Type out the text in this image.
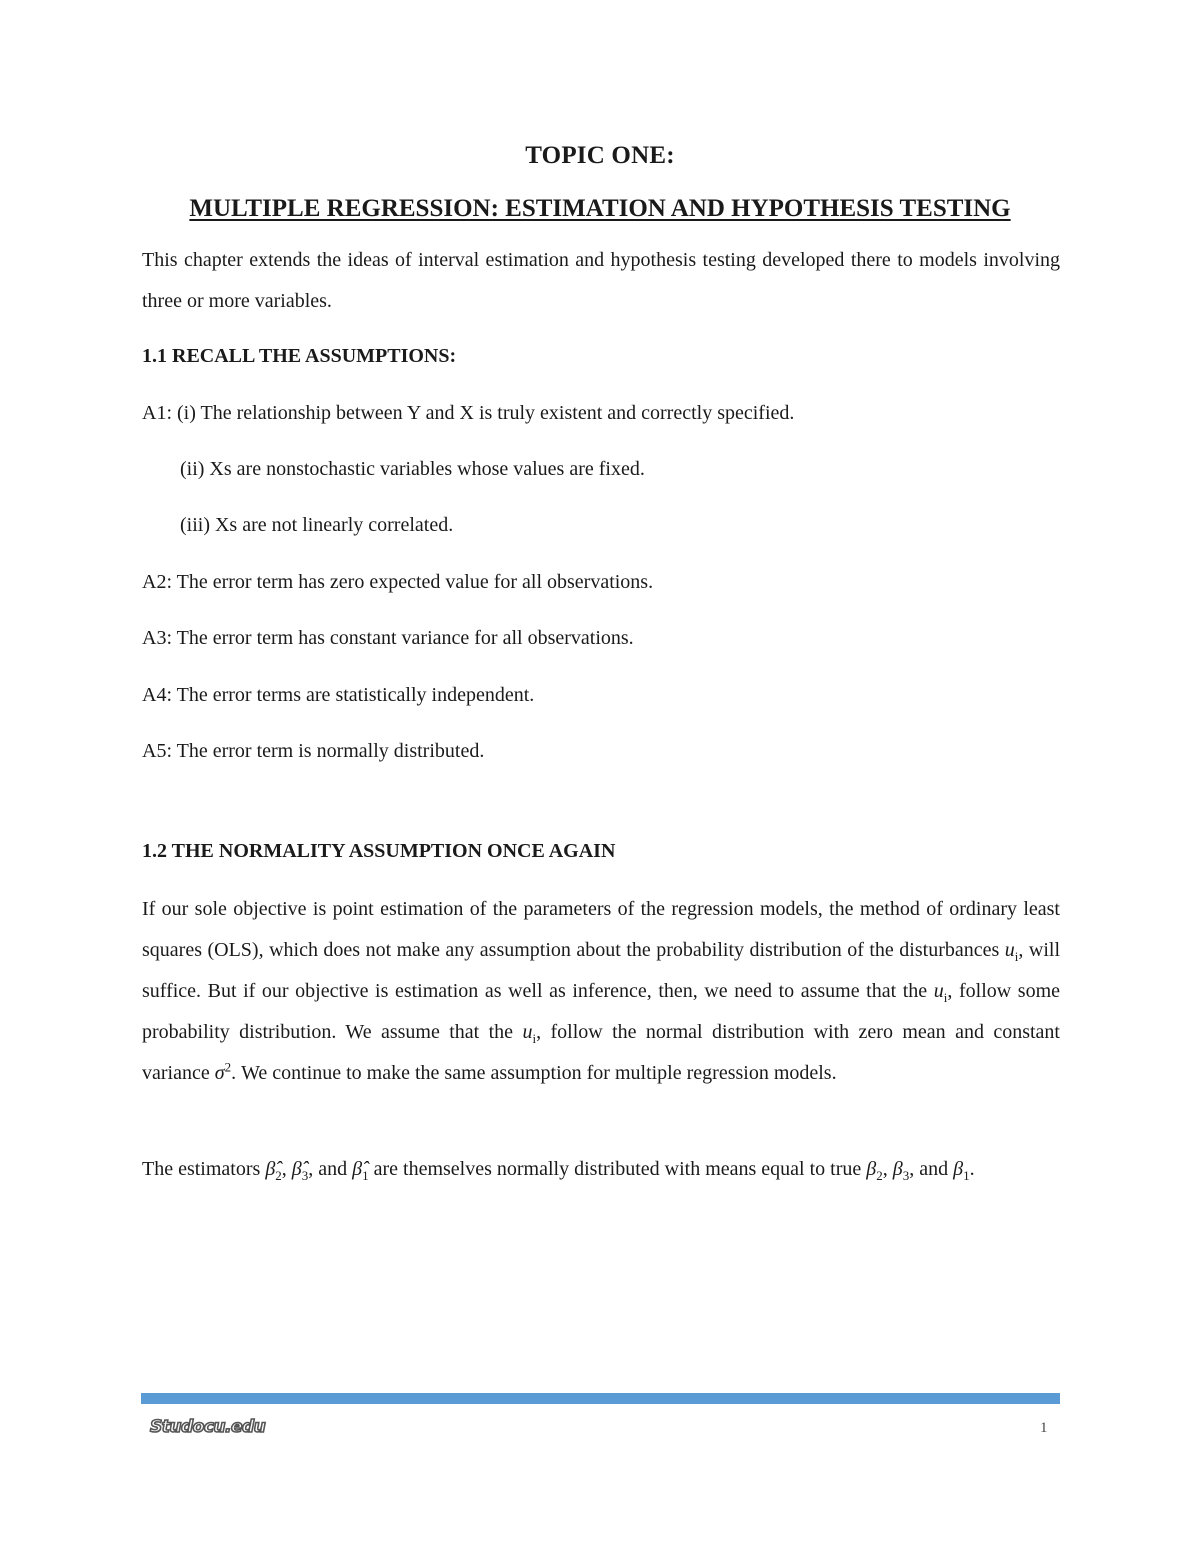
TOPIC ONE:
MULTIPLE REGRESSION: ESTIMATION AND HYPOTHESIS TESTING

This chapter extends the ideas of interval estimation and hypothesis testing developed there to models involving three or more variables.

1.1 RECALL THE ASSUMPTIONS:
A1: (i) The relationship between Y and X is truly existent and correctly specified.
(ii) Xs are nonstochastic variables whose values are fixed.
(iii) Xs are not linearly correlated.
A2: The error term has zero expected value for all observations.
A3: The error term has constant variance for all observations.
A4: The error terms are statistically independent.
A5: The error term is normally distributed.
1.2 THE NORMALITY ASSUMPTION ONCE AGAIN

If our sole objective is point estimation of the parameters of the regression models, the method of ordinary least squares (OLS), which does not make any assumption about the probability distribution of the disturbances $u_i$, will suffice. But if our objective is estimation as well as inference, then, we need to assume that the $u_i$, follow some probability distribution. We assume that the $u_i$, follow the normal distribution with zero mean and constant variance $\sigma^2$. We continue to make the same assumption for multiple regression models.

The estimators $\betâ_2$, $\betâ_3$, and $\betâ_1$ are themselves normally distributed with means equal to true $\beta_2$, $\beta_3$, and $\beta_1$.

Studocu.edu	1
